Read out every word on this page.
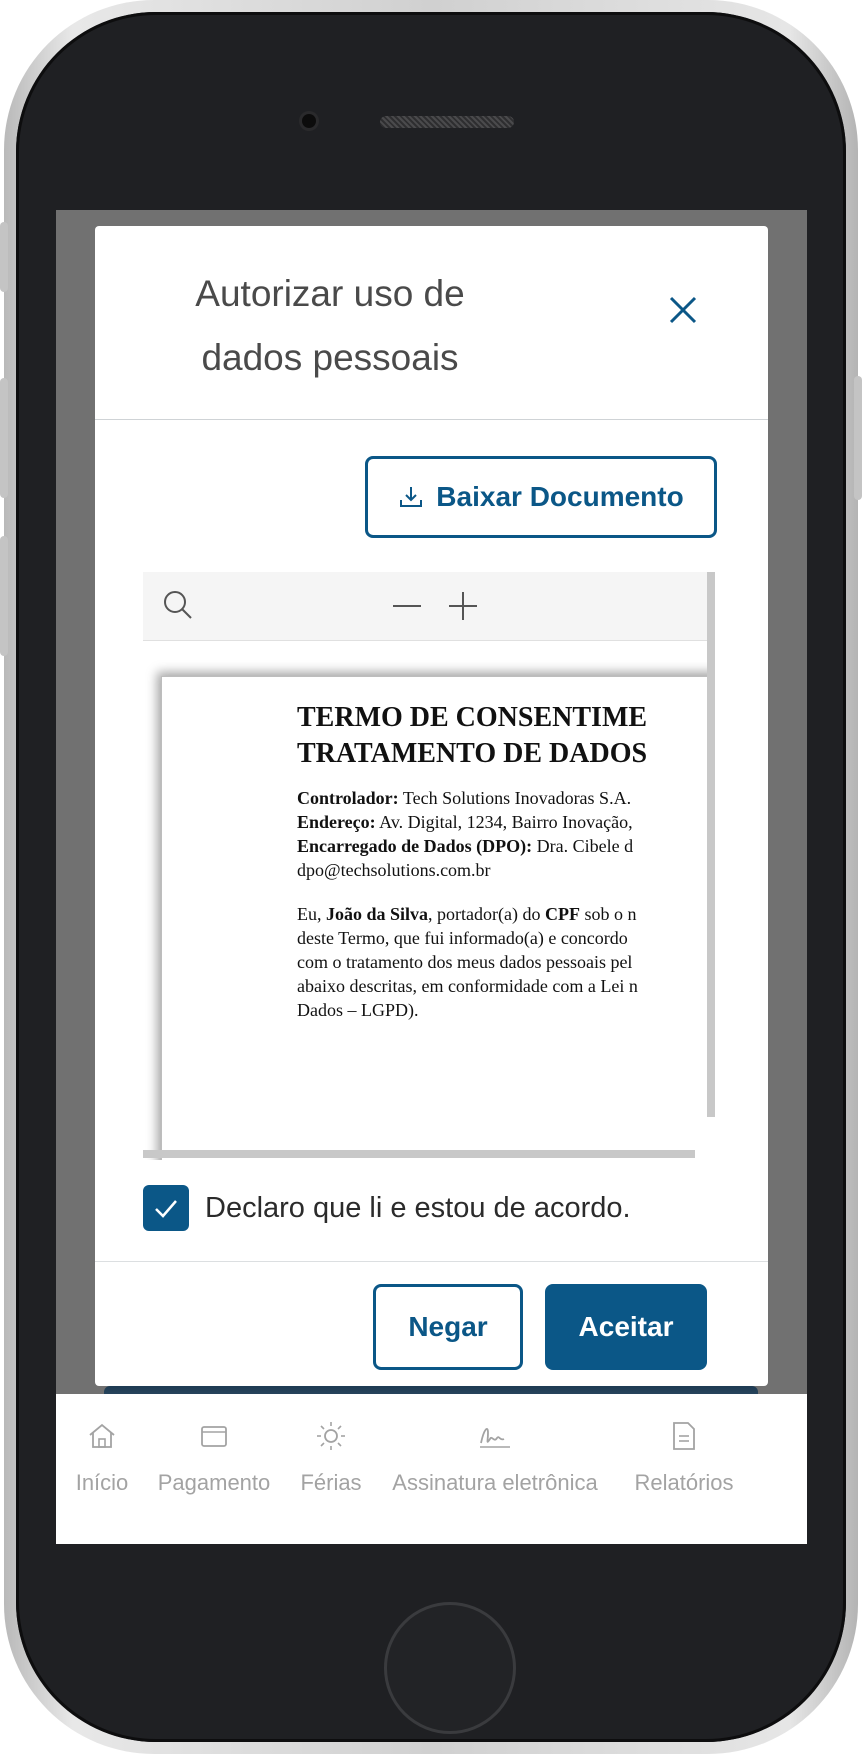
Autorizar uso de dados pessoais
Baixar Documento

TERMO DE CONSENTIME

TRATAMENTO DE DADOS

Controlador: Tech Solutions Inovadoras S.A.

Endereço: Av. Digital, 1234, Bairro Inovação,

Encarregado de Dados (DPO): Dra. Cibele d

dpo@techsolutions.com.br

Eu, João da Silva, portador(a) do CPF sob o n

deste Termo, que fui informado(a) e concordo

com o tratamento dos meus dados pessoais pel

abaixo descritas, em conformidade com a Lei n

Dados – LGPD).

Declaro que li e estou de acordo.
Negar	Aceitar
Início Pagamento Férias Assinatura eletrônica Relatórios
